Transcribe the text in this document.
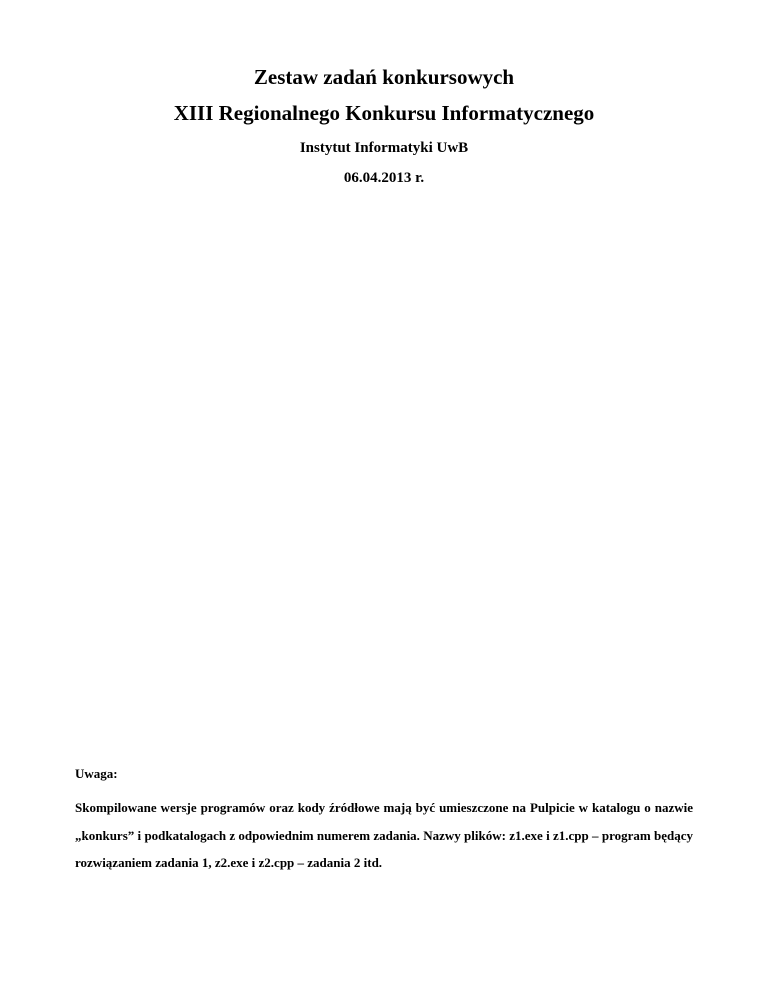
Zestaw zadań konkursowych

XIII Regionalnego Konkursu Informatycznego

Instytut Informatyki UwB

06.04.2013 r.

Uwaga:

Skompilowane wersje programów oraz kody źródłowe mają być umieszczone na Pulpicie w katalogu o nazwie „konkurs” i podkatalogach z odpowiednim numerem zadania. Nazwy plików: z1.exe i z1.cpp – program będący rozwiązaniem zadania 1, z2.exe i z2.cpp – zadania 2 itd.
